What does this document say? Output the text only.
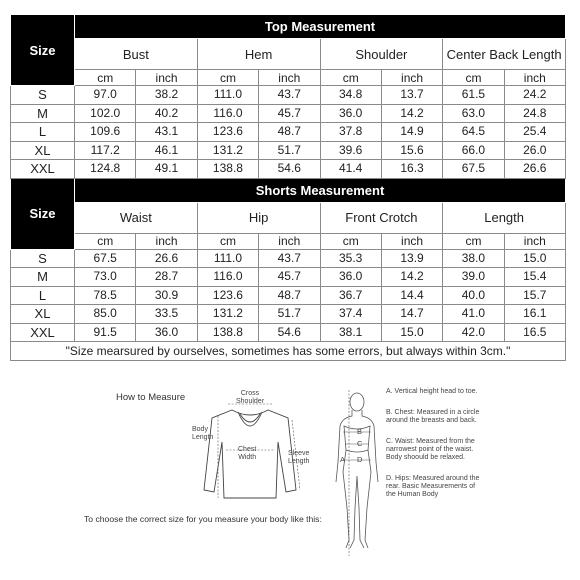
Size	Top Measurement							
	Bust		Hem		Shoulder		Center Back Length	
	cm	inch	cm	inch	cm	inch	cm	inch
S	97.0	38.2	111.0	43.7	34.8	13.7	61.5	24.2
M	102.0	40.2	116.0	45.7	36.0	14.2	63.0	24.8
L	109.6	43.1	123.6	48.7	37.8	14.9	64.5	25.4
XL	117.2	46.1	131.2	51.7	39.6	15.6	66.0	26.0
XXL	124.8	49.1	138.8	54.6	41.4	16.3	67.5	26.6
Size	Shorts Measurement							
	Waist		Hip		Front Crotch		Length	
	cm	inch	cm	inch	cm	inch	cm	inch
S	67.5	26.6	111.0	43.7	35.3	13.9	38.0	15.0
M	73.0	28.7	116.0	45.7	36.0	14.2	39.0	15.4
L	78.5	30.9	123.6	48.7	36.7	14.4	40.0	15.7
XL	85.0	33.5	131.2	51.7	37.4	14.7	41.0	16.1
XXL	91.5	36.0	138.8	54.6	38.1	15.0	42.0	16.5
"Size mearsured by ourselves, sometimes has some errors, but always within 3cm."								
How to Measure	Cross
Shoulder
Body
Length
Chest
Width
Sleeve
Length
B
C
D
A
To choose the correct size for you measure your body like this:
A. Vertical height head to toe.
B. Chest: Measured in a circle around the breasts and back.
C. Waist: Measured from the narrowest point of the waist. Body shoould be relaxed.
D. Hips: Measured around the rear. Basic Measurements of the Human Body
